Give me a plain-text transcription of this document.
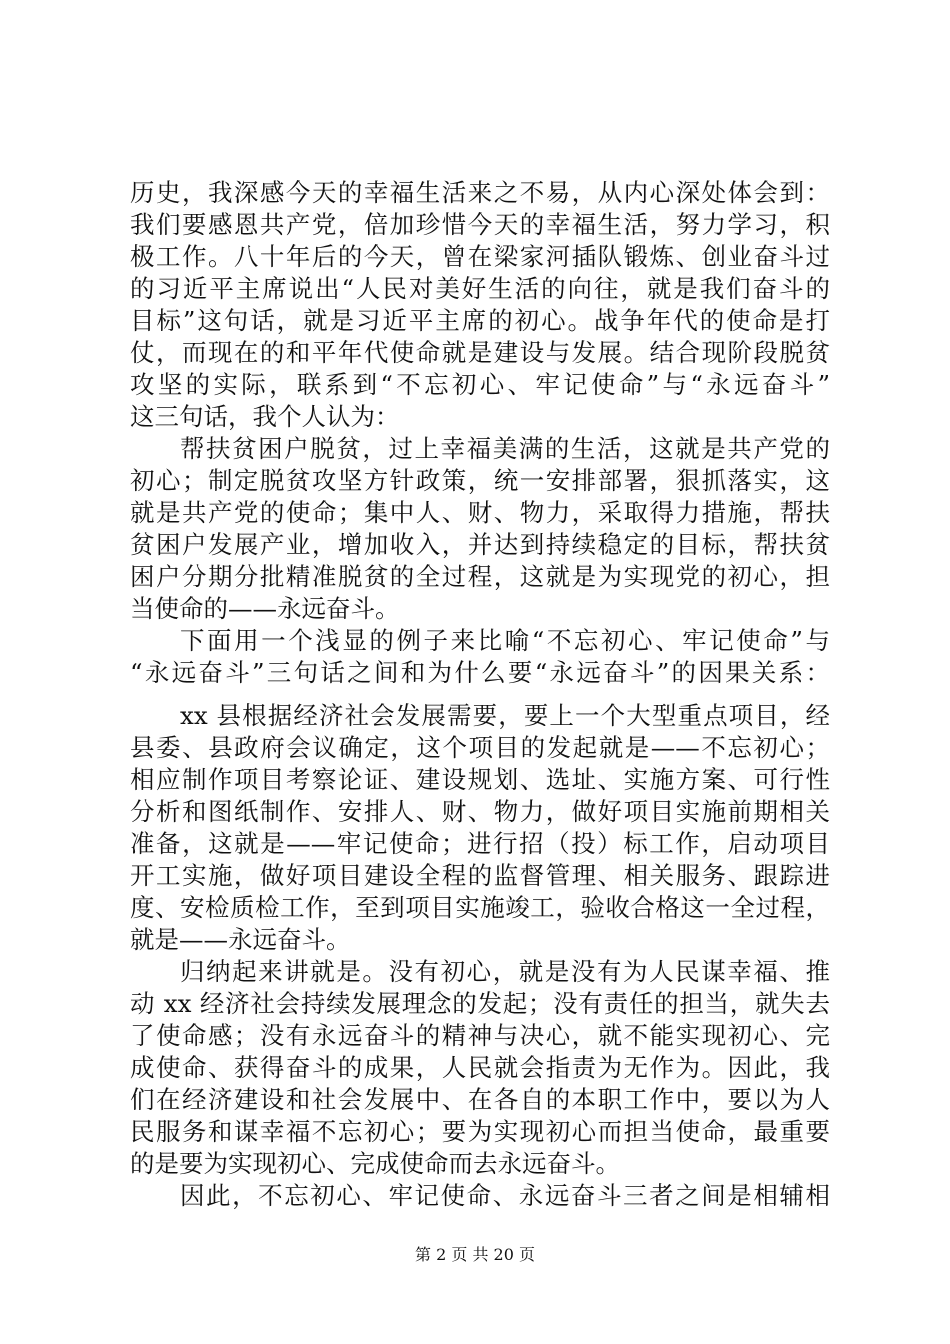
历史，我深感今天的幸福生活来之不易，从内心深处体会到：

我们要感恩共产党，倍加珍惜今天的幸福生活，努力学习，积

极工作。八十年后的今天，曾在梁家河插队锻炼、创业奋斗过

的习近平主席说出“人民对美好生活的向往，就是我们奋斗的

目标”这句话，就是习近平主席的初心。战争年代的使命是打

仗，而现在的和平年代使命就是建设与发展。结合现阶段脱贫

攻坚的实际，联系到“不忘初心、牢记使命”与“永远奋斗”

这三句话，我个人认为：

帮扶贫困户脱贫，过上幸福美满的生活，这就是共产党的

初心；制定脱贫攻坚方针政策，统一安排部署，狠抓落实，这

就是共产党的使命；集中人、财、物力，采取得力措施，帮扶

贫困户发展产业，增加收入，并达到持续稳定的目标，帮扶贫

困户分期分批精准脱贫的全过程，这就是为实现党的初心，担

当使命的——永远奋斗。

下面用一个浅显的例子来比喻“不忘初心、牢记使命”与

“永远奋斗”三句话之间和为什么要“永远奋斗”的因果关系：

xx 县根据经济社会发展需要，要上一个大型重点项目，经

县委、县政府会议确定，这个项目的发起就是——不忘初心；

相应制作项目考察论证、建设规划、选址、实施方案、可行性

分析和图纸制作、安排人、财、物力，做好项目实施前期相关

准备，这就是——牢记使命；进行招（投）标工作，启动项目

开工实施，做好项目建设全程的监督管理、相关服务、跟踪进

度、安检质检工作，至到项目实施竣工，验收合格这一全过程，

就是——永远奋斗。

归纳起来讲就是。没有初心，就是没有为人民谋幸福、推

动 xx 经济社会持续发展理念的发起；没有责任的担当，就失去

了使命感；没有永远奋斗的精神与决心，就不能实现初心、完

成使命、获得奋斗的成果，人民就会指责为无作为。因此，我

们在经济建设和社会发展中、在各自的本职工作中，要以为人

民服务和谋幸福不忘初心；要为实现初心而担当使命，最重要

的是要为实现初心、完成使命而去永远奋斗。

因此，不忘初心、牢记使命、永远奋斗三者之间是相辅相

第 2 页 共 20 页
